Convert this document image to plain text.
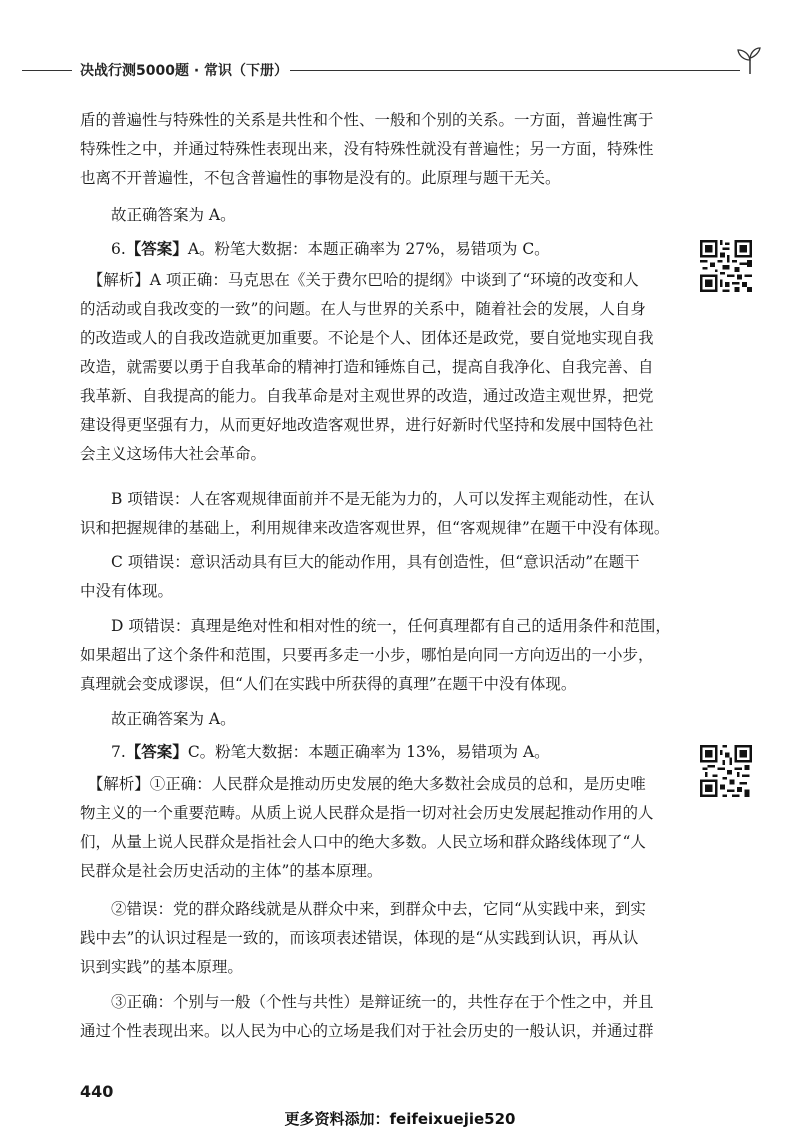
决战行测5000题 · 常识（下册）
盾的普遍性与特殊性的关系是共性和个性、一般和个别的关系。一方面，普遍性寓于
特殊性之中，并通过特殊性表现出来，没有特殊性就没有普遍性；另一方面，特殊性
也离不开普遍性，不包含普遍性的事物是没有的。此原理与题干无关。
　　故正确答案为 A。
　　6.【答案】A。粉笔大数据：本题正确率为 27%，易错项为 C。
　【解析】A 项正确：马克思在《关于费尔巴哈的提纲》中谈到了“环境的改变和人
的活动或自我改变的一致”的问题。在人与世界的关系中，随着社会的发展，人自身
的改造或人的自我改造就更加重要。不论是个人、团体还是政党，要自觉地实现自我
改造，就需要以勇于自我革命的精神打造和锤炼自己，提高自我净化、自我完善、自
我革新、自我提高的能力。自我革命是对主观世界的改造，通过改造主观世界，把党
建设得更坚强有力，从而更好地改造客观世界，进行好新时代坚持和发展中国特色社
会主义这场伟大社会革命。
　　B 项错误：人在客观规律面前并不是无能为力的，人可以发挥主观能动性，在认
识和把握规律的基础上，利用规律来改造客观世界，但“客观规律”在题干中没有体现。
　　C 项错误：意识活动具有巨大的能动作用，具有创造性，但“意识活动”在题干
中没有体现。
　　D 项错误：真理是绝对性和相对性的统一，任何真理都有自己的适用条件和范围，
如果超出了这个条件和范围，只要再多走一小步，哪怕是向同一方向迈出的一小步，
真理就会变成谬误，但“人们在实践中所获得的真理”在题干中没有体现。
　　故正确答案为 A。
　　7.【答案】C。粉笔大数据：本题正确率为 13%，易错项为 A。
　【解析】①正确：人民群众是推动历史发展的绝大多数社会成员的总和，是历史唯
物主义的一个重要范畴。从质上说人民群众是指一切对社会历史发展起推动作用的人
们，从量上说人民群众是指社会人口中的绝大多数。人民立场和群众路线体现了“人
民群众是社会历史活动的主体”的基本原理。
　　②错误：党的群众路线就是从群众中来，到群众中去，它同“从实践中来，到实
践中去”的认识过程是一致的，而该项表述错误，体现的是“从实践到认识，再从认
识到实践”的基本原理。
　　③正确：个别与一般（个性与共性）是辩证统一的，共性存在于个性之中，并且
通过个性表现出来。以人民为中心的立场是我们对于社会历史的一般认识，并通过群
440
更多资料添加：feifeixuejie520
